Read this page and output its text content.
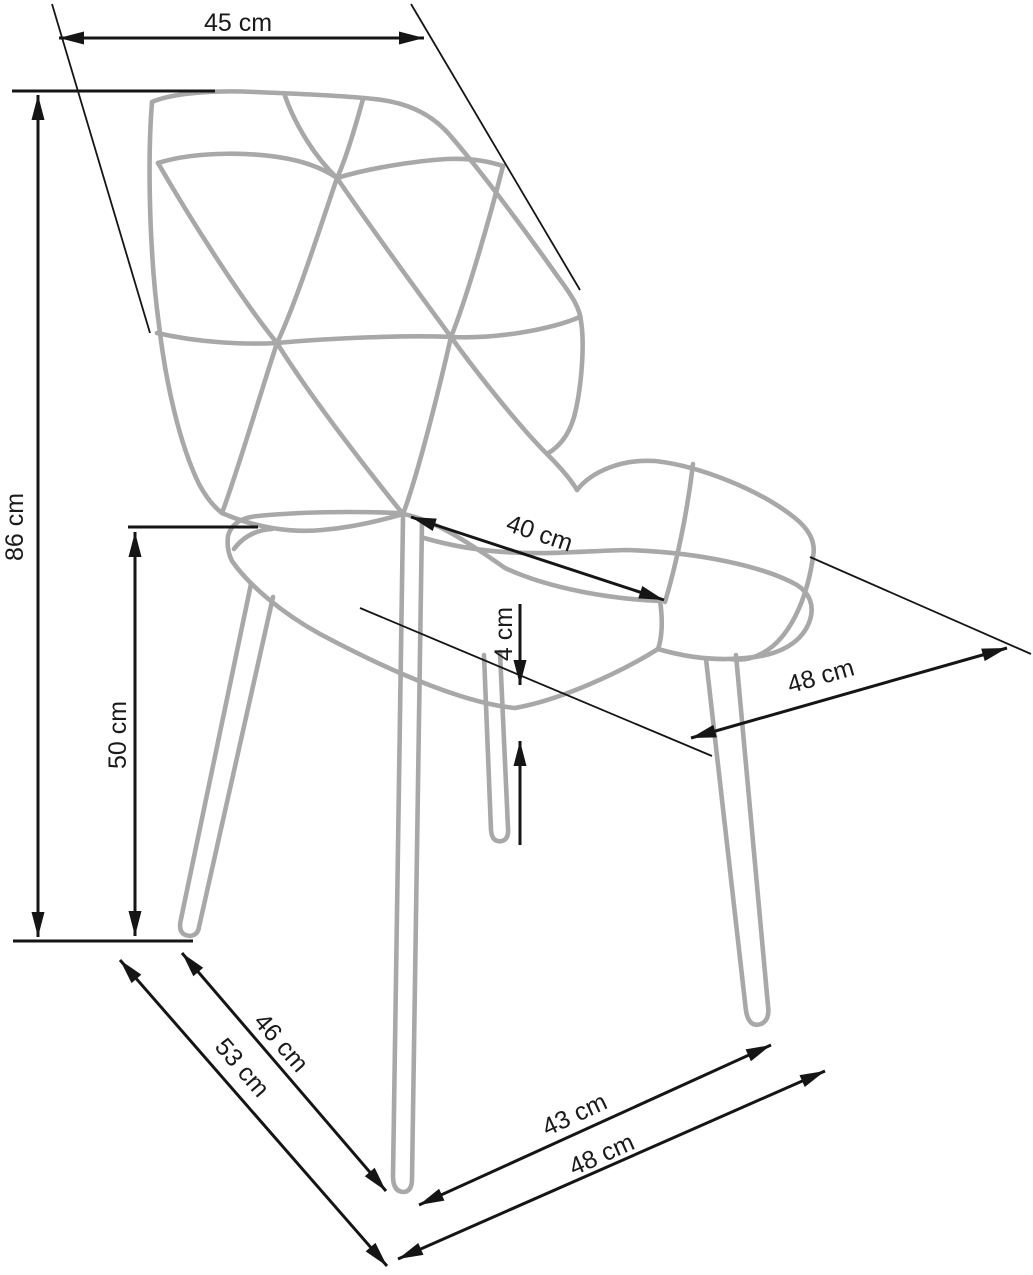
45 cm
86 cm
50 cm
40 cm
4 cm
48 cm
46 cm
53 cm
43 cm
48 cm
